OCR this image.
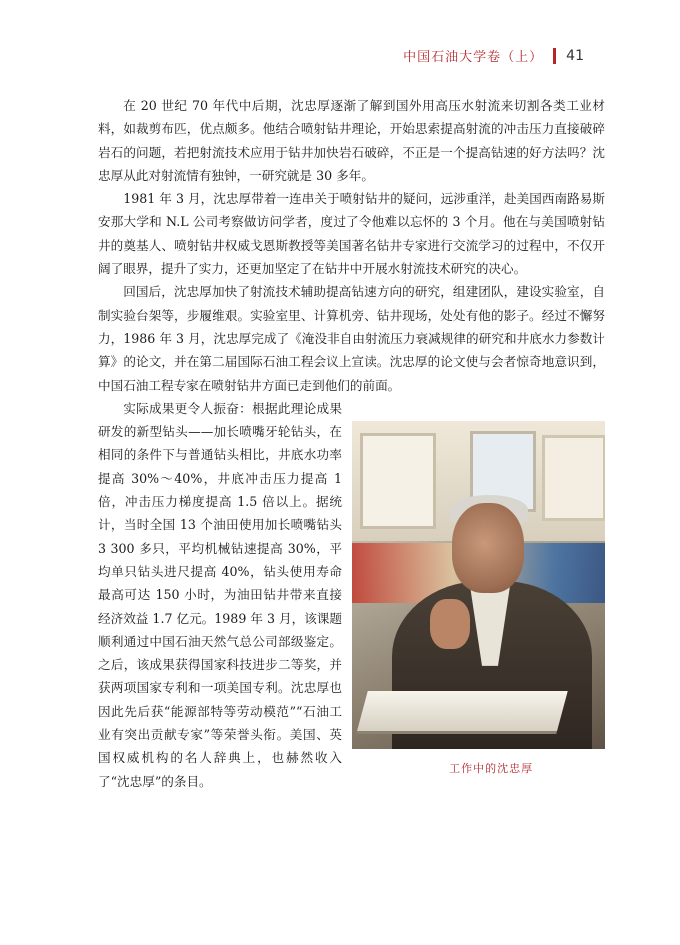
中国石油大学卷（上） 41

在 20 世纪 70 年代中后期，沈忠厚逐渐了解到国外用高压水射流来切割各类工业材料，如裁剪布匹，优点颇多。他结合喷射钻井理论，开始思索提高射流的冲击压力直接破碎岩石的问题，若把射流技术应用于钻井加快岩石破碎，不正是一个提高钻速的好方法吗？沈忠厚从此对射流情有独钟，一研究就是 30 多年。

1981 年 3 月，沈忠厚带着一连串关于喷射钻井的疑问，远涉重洋，赴美国西南路易斯安那大学和 N.L 公司考察做访问学者，度过了令他难以忘怀的 3 个月。他在与美国喷射钻井的奠基人、喷射钻井权威戈恩斯教授等美国著名钻井专家进行交流学习的过程中，不仅开阔了眼界，提升了实力，还更加坚定了在钻井中开展水射流技术研究的决心。

回国后，沈忠厚加快了射流技术辅助提高钻速方向的研究，组建团队，建设实验室，自制实验台架等，步履维艰。实验室里、计算机旁、钻井现场，处处有他的影子。经过不懈努力，1986 年 3 月，沈忠厚完成了《淹没非自由射流压力衰减规律的研究和井底水力参数计算》的论文，并在第二届国际石油工程会议上宣读。沈忠厚的论文使与会者惊奇地意识到，中国石油工程专家在喷射钻井方面已走到他们的前面。

工作中的沈忠厚
实际成果更令人振奋：根据此理论成果研发的新型钻头——加长喷嘴牙轮钻头，在相同的条件下与普通钻头相比，井底水功率提高 30%～40%，井底冲击压力提高 1 倍，冲击压力梯度提高 1.5 倍以上。据统计，当时全国 13 个油田使用加长喷嘴钻头 3 300 多只，平均机械钻速提高 30%，平均单只钻头进尺提高 40%，钻头使用寿命最高可达 150 小时，为油田钻井带来直接经济效益 1.7 亿元。1989 年 3 月，该课题顺利通过中国石油天然气总公司部级鉴定。之后，该成果获得国家科技进步二等奖，并获两项国家专利和一项美国专利。沈忠厚也因此先后获“能源部特等劳动模范”“石油工业有突出贡献专家”等荣誉头衔。美国、英国权威机构的名人辞典上，也赫然收入了“沈忠厚”的条目。
